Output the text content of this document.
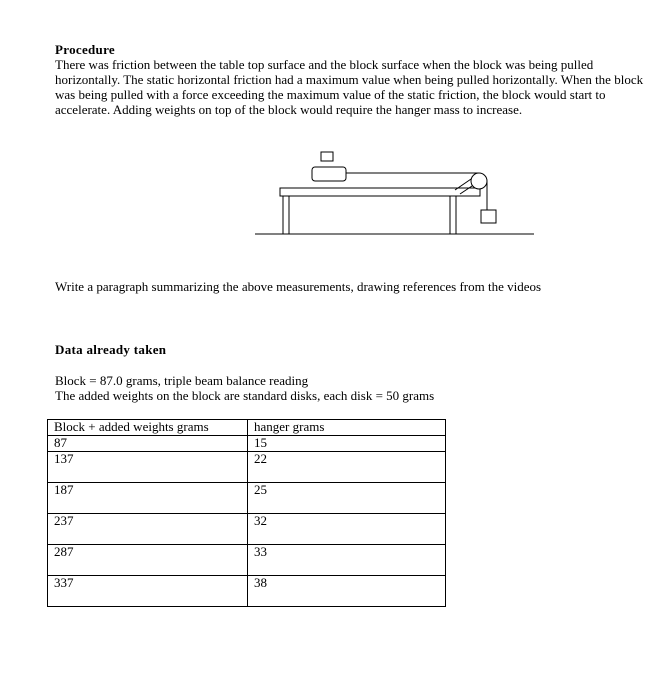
Procedure
There was friction between the table top surface and the block surface when the block was being pulled horizontally. The static horizontal friction had a maximum value when being pulled horizontally. When the block was being pulled with a force exceeding the maximum value of the static friction, the block would start to accelerate. Adding weights on top of the block would require the hanger mass to increase.
Write a paragraph summarizing the above measurements, drawing references from the videos
Data already taken
Block = 87.0 grams, triple beam balance reading
The added weights on the block are standard disks, each disk = 50 grams
Block + added weights grams	hanger grams
87	15
137	22
187	25
237	32
287	33
337	38
